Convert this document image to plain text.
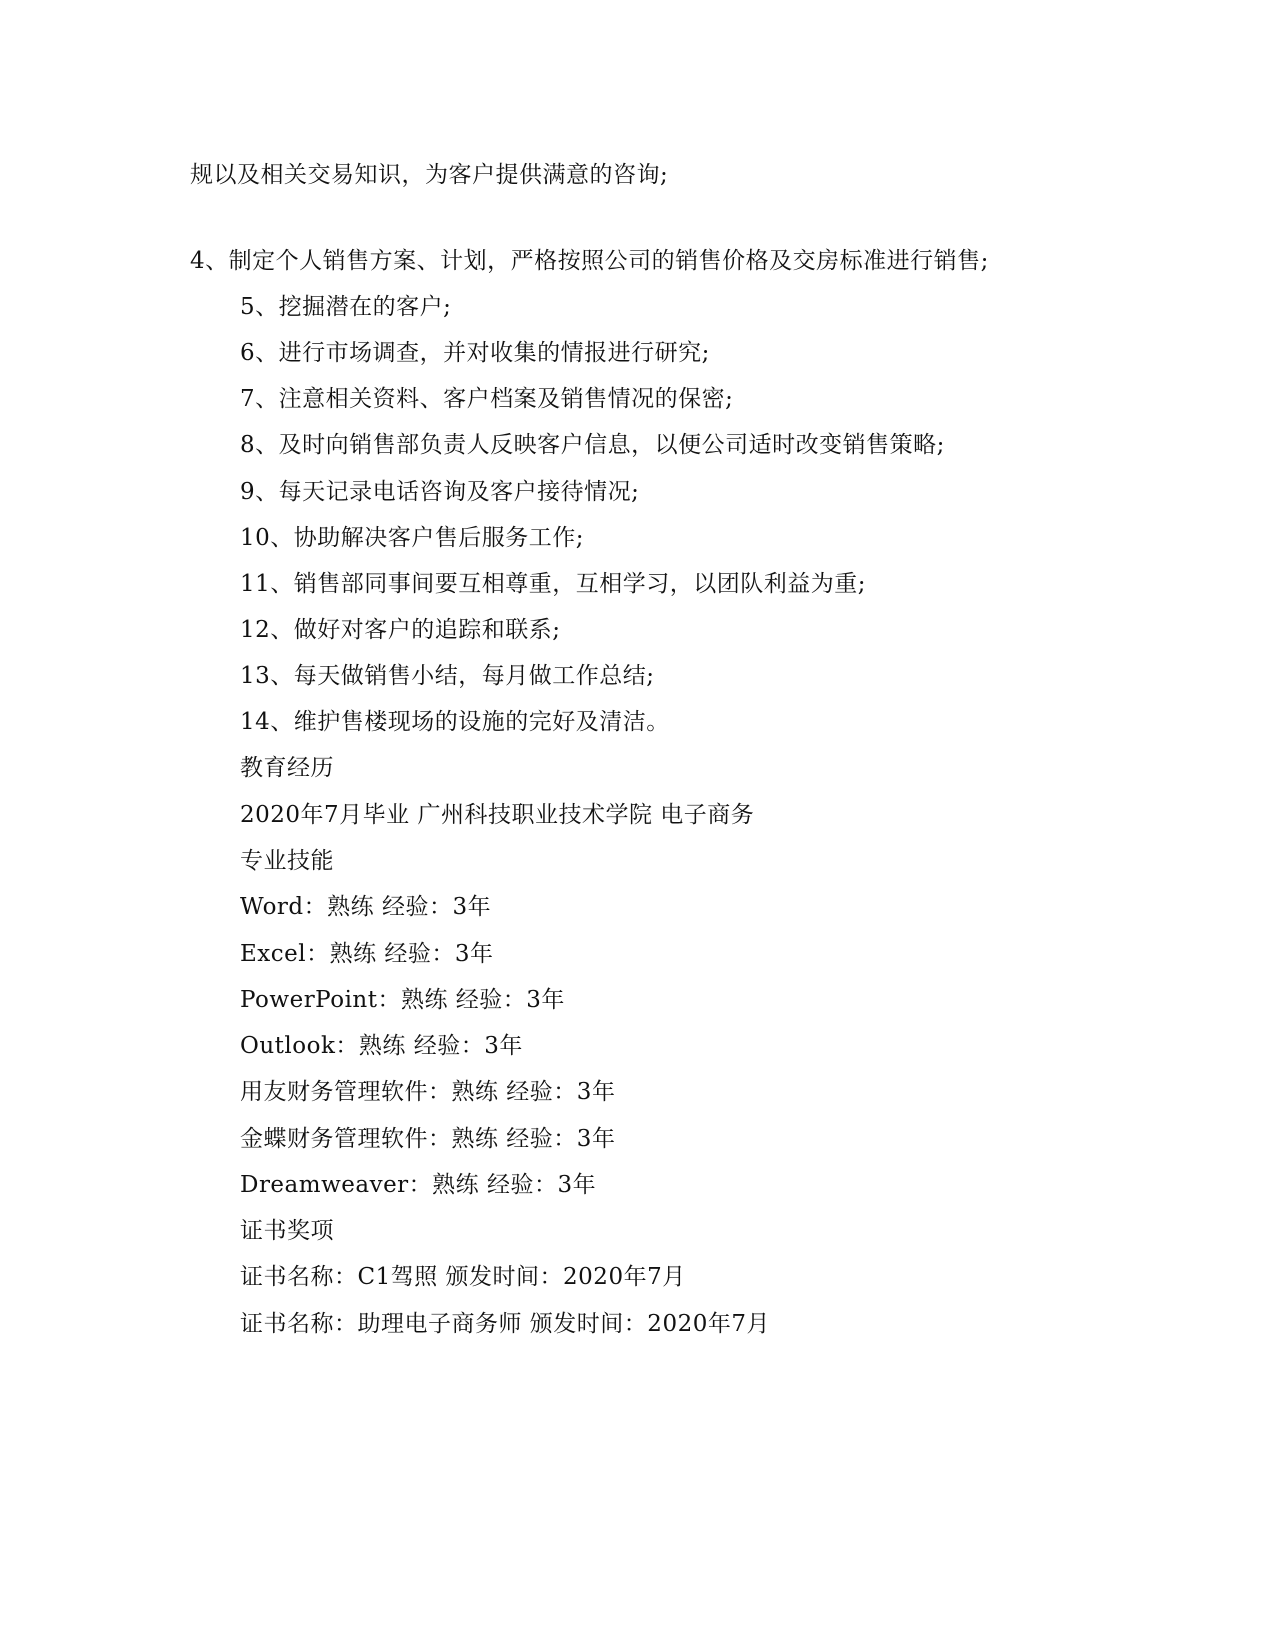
规以及相关交易知识，为客户提供满意的咨询;
4、制定个人销售方案、计划，严格按照公司的销售价格及交房标准进行销售;
5、挖掘潜在的客户;
6、进行市场调查，并对收集的情报进行研究;
7、注意相关资料、客户档案及销售情况的保密;
8、及时向销售部负责人反映客户信息，以便公司适时改变销售策略;
9、每天记录电话咨询及客户接待情况;
10、协助解决客户售后服务工作;
11、销售部同事间要互相尊重，互相学习，以团队利益为重;
12、做好对客户的追踪和联系;
13、每天做销售小结，每月做工作总结;
14、维护售楼现场的设施的完好及清洁。
教育经历
2020年7月毕业 广州科技职业技术学院 电子商务
专业技能
Word：熟练 经验：3年
Excel：熟练 经验：3年
PowerPoint：熟练 经验：3年
Outlook：熟练 经验：3年
用友财务管理软件：熟练 经验：3年
金蝶财务管理软件：熟练 经验：3年
Dreamweaver：熟练 经验：3年
证书奖项
证书名称：C1驾照 颁发时间：2020年7月
证书名称：助理电子商务师 颁发时间：2020年7月
